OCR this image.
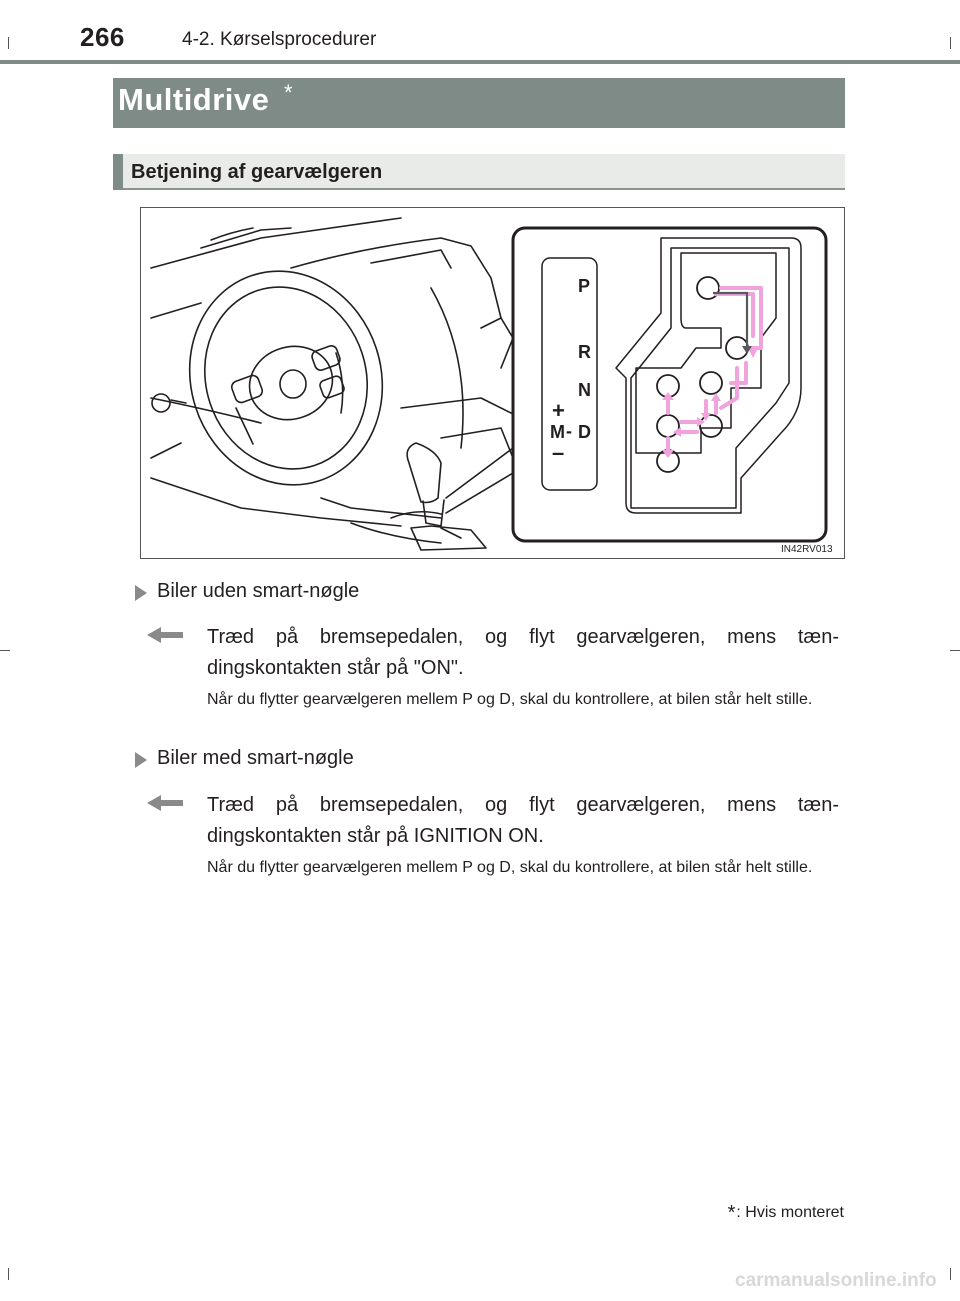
266	4-2. Kørselsprocedurer
Multidrive *
Betjening af gearvælgeren
P
R
N
D
M
+
–
-
IN42RV013
Biler uden smart-nøgle
Træd på bremsepedalen, og flyt gearvælgeren, mens tæn-dingskontakten står på "ON".
Når du flytter gearvælgeren mellem P og D, skal du kontrollere, at bilen står helt stille.
Biler med smart-nøgle
Træd på bremsepedalen, og flyt gearvælgeren, mens tæn-dingskontakten står på IGNITION ON.
Når du flytter gearvælgeren mellem P og D, skal du kontrollere, at bilen står helt stille.
*: Hvis monteret
carmanualsonline.info
